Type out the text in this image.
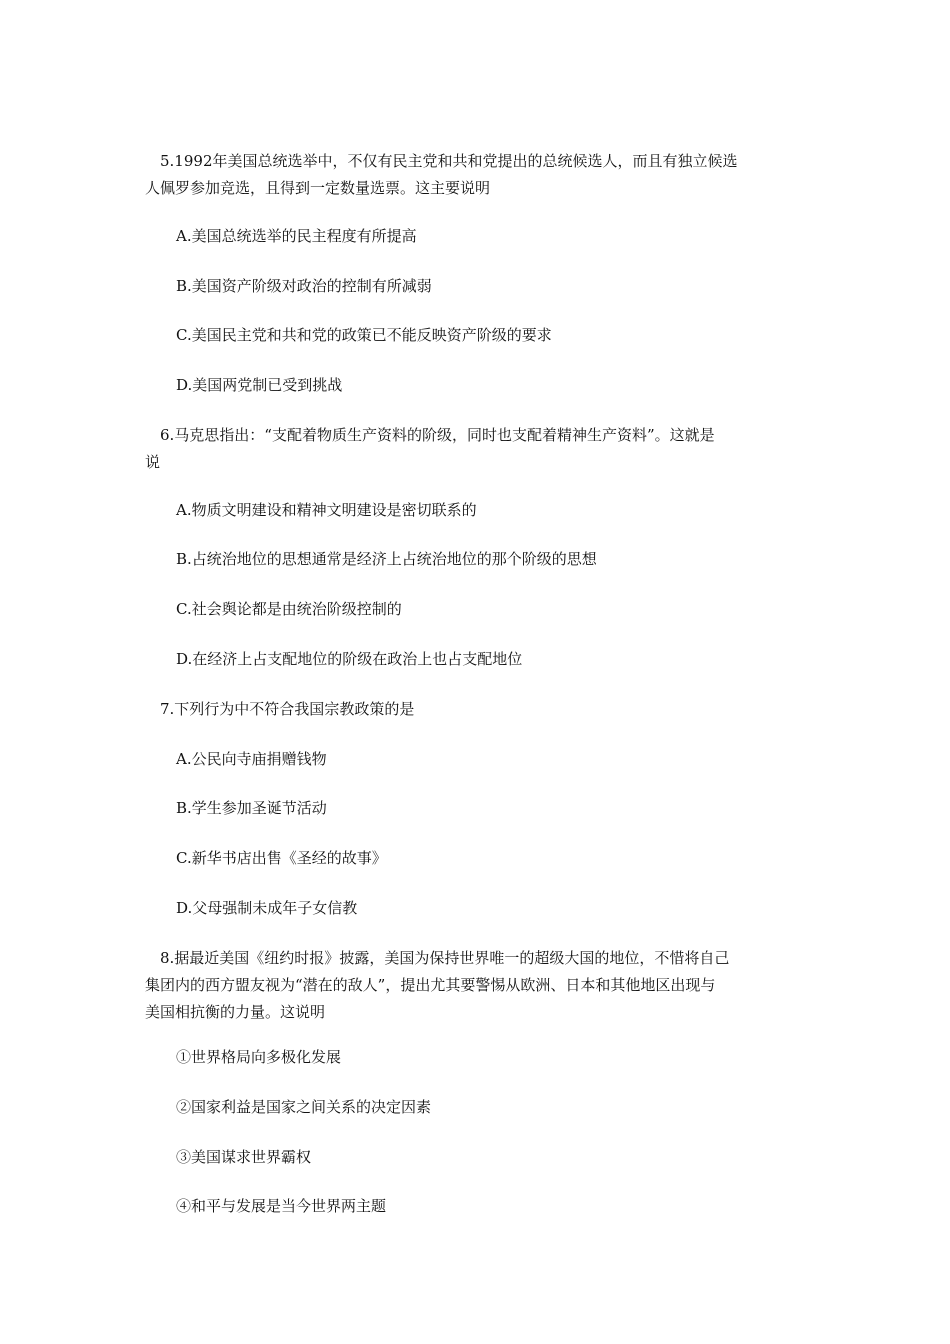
5.1992年美国总统选举中，不仅有民主党和共和党提出的总统候选人，而且有独立候选
人佩罗参加竞选，且得到一定数量选票。这主要说明
A.美国总统选举的民主程度有所提高
B.美国资产阶级对政治的控制有所减弱
C.美国民主党和共和党的政策已不能反映资产阶级的要求
D.美国两党制已受到挑战
6.马克思指出：“支配着物质生产资料的阶级，同时也支配着精神生产资料”。这就是
说
A.物质文明建设和精神文明建设是密切联系的
B.占统治地位的思想通常是经济上占统治地位的那个阶级的思想
C.社会舆论都是由统治阶级控制的
D.在经济上占支配地位的阶级在政治上也占支配地位
7.下列行为中不符合我国宗教政策的是
A.公民向寺庙捐赠钱物
B.学生参加圣诞节活动
C.新华书店出售《圣经的故事》
D.父母强制未成年子女信教
8.据最近美国《纽约时报》披露，美国为保持世界唯一的超级大国的地位，不惜将自己
集团内的西方盟友视为“潜在的敌人”，提出尤其要警惕从欧洲、日本和其他地区出现与
美国相抗衡的力量。这说明
①世界格局向多极化发展
②国家利益是国家之间关系的决定因素
③美国谋求世界霸权
④和平与发展是当今世界两主题
